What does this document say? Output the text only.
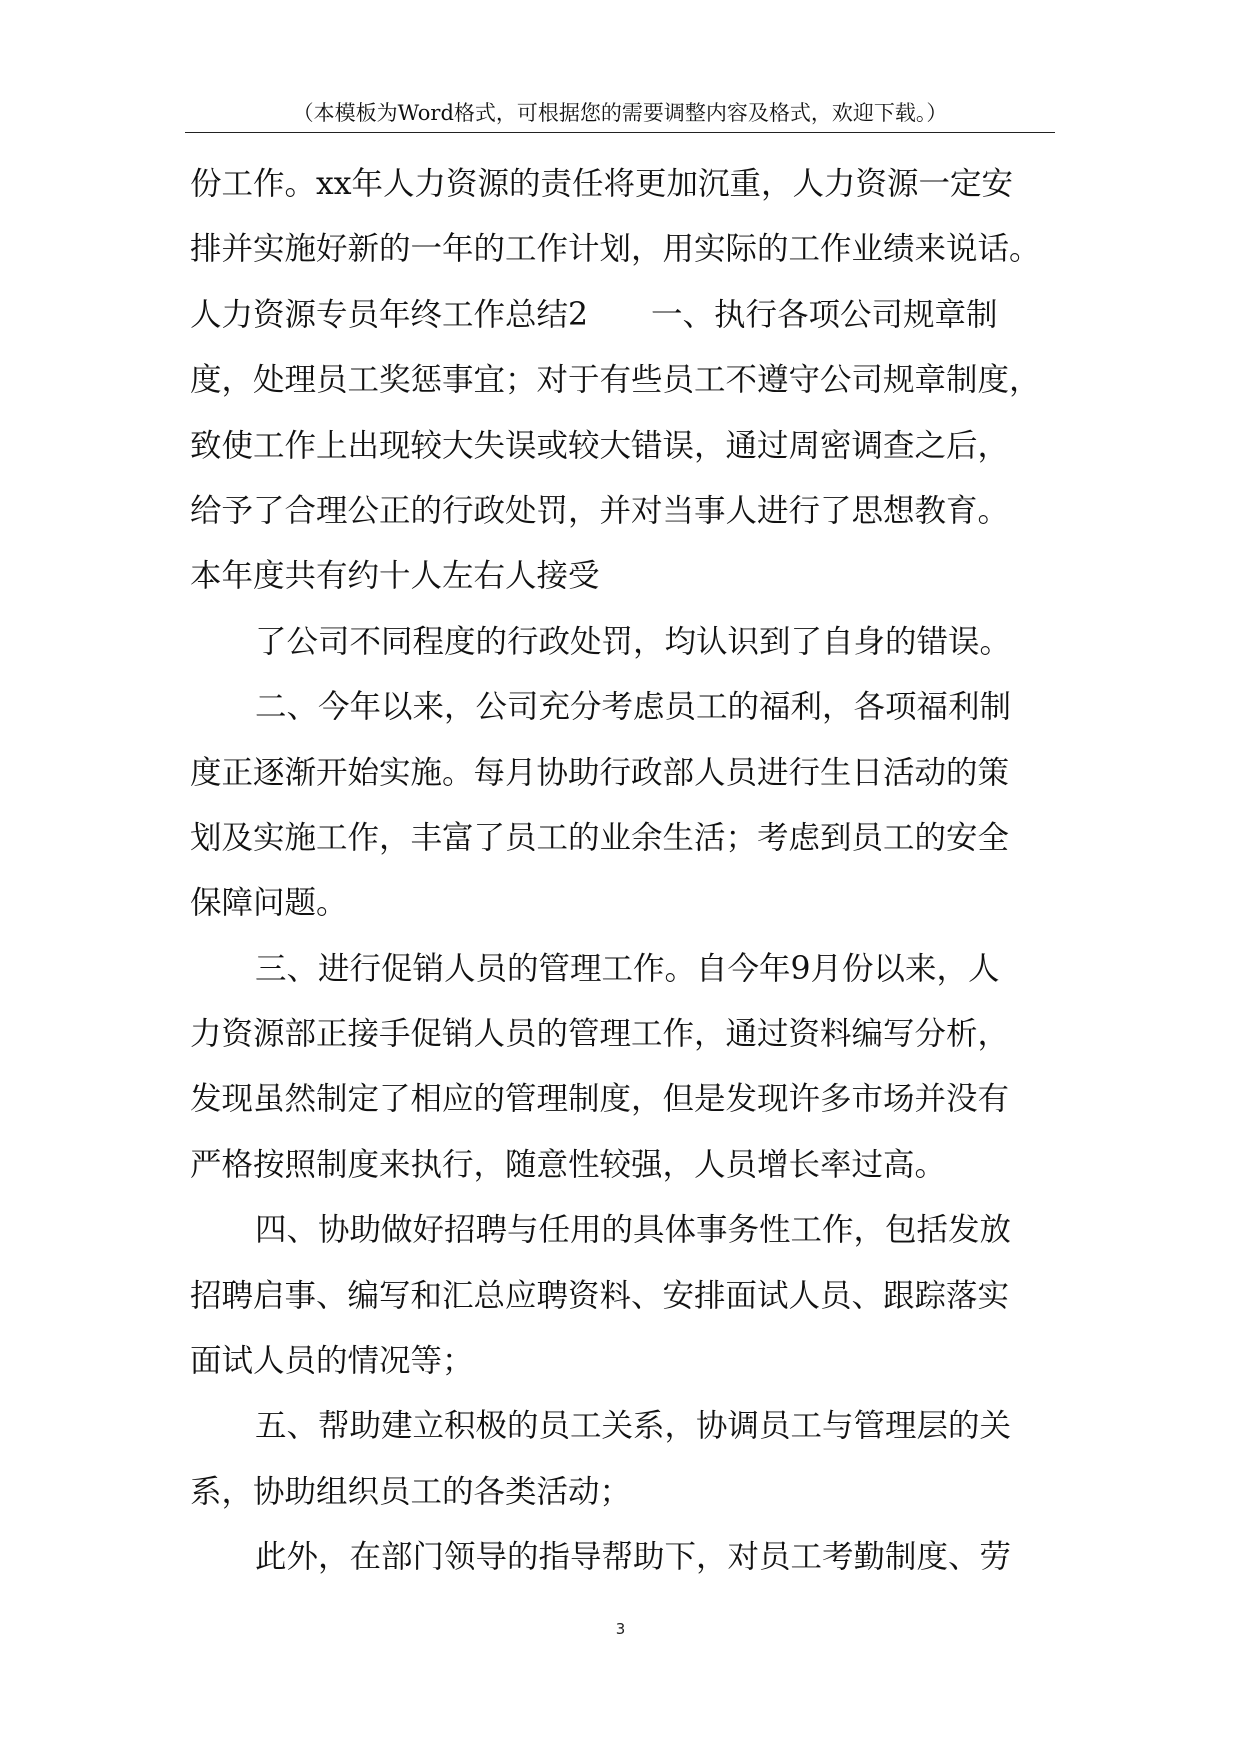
（本模板为Word格式，可根据您的需要调整内容及格式，欢迎下载。）
份工作。xx年人力资源的责任将更加沉重，人力资源一定安
排并实施好新的一年的工作计划，用实际的工作业绩来说话。
人力资源专员年终工作总结2　　一、执行各项公司规章制
度，处理员工奖惩事宜；对于有些员工不遵守公司规章制度，
致使工作上出现较大失误或较大错误，通过周密调查之后，
给予了合理公正的行政处罚，并对当事人进行了思想教育。
本年度共有约十人左右人接受
了公司不同程度的行政处罚，均认识到了自身的错误。
二、今年以来，公司充分考虑员工的福利，各项福利制
度正逐渐开始实施。每月协助行政部人员进行生日活动的策
划及实施工作，丰富了员工的业余生活；考虑到员工的安全
保障问题。
三、进行促销人员的管理工作。自今年9月份以来，人
力资源部正接手促销人员的管理工作，通过资料编写分析，
发现虽然制定了相应的管理制度，但是发现许多市场并没有
严格按照制度来执行，随意性较强，人员增长率过高。
四、协助做好招聘与任用的具体事务性工作，包括发放
招聘启事、编写和汇总应聘资料、安排面试人员、跟踪落实
面试人员的情况等；
五、帮助建立积极的员工关系，协调员工与管理层的关
系，协助组织员工的各类活动；
此外，在部门领导的指导帮助下，对员工考勤制度、劳
3
